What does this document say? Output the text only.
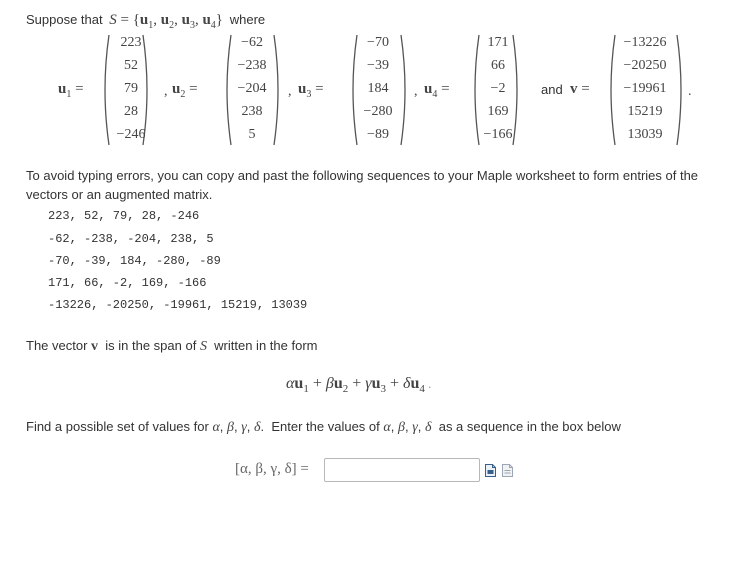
Suppose that $S = \{u_1$, $u_2$, $u_3$, $u_4$} where
$u_1$ =
223
52
79
28
−246
, $u_2$ =
−62
−238
−204
238
5
, $u_3$ =
−70
−39
184
−280
−89
, $u_4$ =
171
66
−2
169
−166
and v =
−13226
−20250
−19961
15219
13039
.
To avoid typing errors, you can copy and past the following sequences to your Maple worksheet to form entries of the vectors or an augmented matrix.
223, 52, 79, 28, -246
-62, -238, -204, 238, 5
-70, -39, 184, -280, -89
171, 66, -2, 169, -166
-13226, -20250, -19961, 15219, 13039
The vector v  is in the span of S  written in the form
$\alpha u_1 + \beta u_2 + \gamma u_3 + \delta u_4$ .
Find a possible set of values for α, β, γ, δ.  Enter the values of α, β, γ, δ  as a sequence in the box below
[α, β, γ, δ] =
